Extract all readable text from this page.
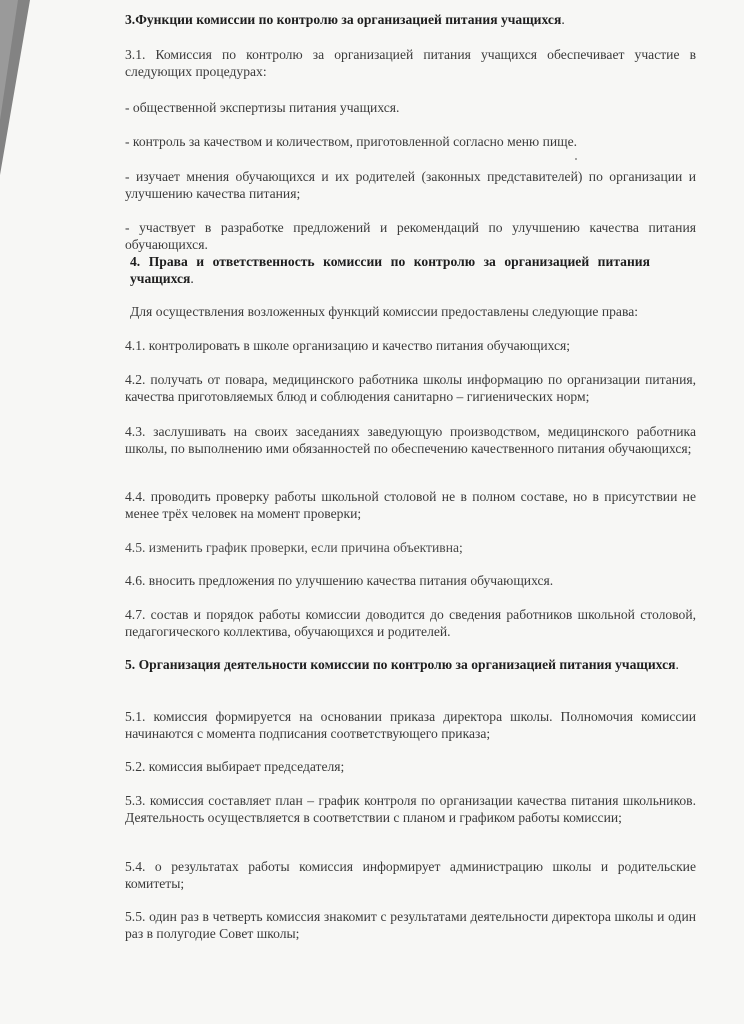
3.Функции комиссии по контролю за организацией питания учащихся.

3.1. Комиссия по контролю за организацией питания учащихся обеспечивает участие в следующих процедурах:

- общественной экспертизы питания учащихся.

- контроль за качеством и количеством, приготовленной согласно меню пище.

- изучает мнения обучающихся и их родителей (законных представителей) по организации и улучшению качества питания;

- участвует в разработке предложений и рекомендаций по улучшению качества питания обучающихся.

4. Права и ответственность комиссии по контролю за организацией питания учащихся.

Для осуществления возложенных функций комиссии предоставлены следующие права:

4.1. контролировать в школе организацию и качество питания обучающихся;

4.2. получать от повара, медицинского работника школы информацию по организации питания, качества приготовляемых блюд и соблюдения санитарно – гигиенических норм;

4.3. заслушивать на своих заседаниях заведующую производством, медицинского работника школы, по выполнению ими обязанностей по обеспечению качественного питания обучающихся;

4.4. проводить проверку работы школьной столовой не в полном составе, но в присутствии не менее трёх человек на момент проверки;

4.5. изменить график проверки, если причина объективна;

4.6. вносить предложения по улучшению качества питания обучающихся.

4.7. состав и порядок работы комиссии доводится до сведения работников школьной столовой, педагогического коллектива, обучающихся и родителей.

5. Организация деятельности комиссии по контролю за организацией питания учащихся.

5.1. комиссия формируется на основании приказа директора школы. Полномочия комиссии начинаются с момента подписания соответствующего приказа;

5.2. комиссия выбирает председателя;

5.3. комиссия составляет план – график контроля по организации качества питания школьников. Деятельность осуществляется в соответствии с планом и графиком работы комиссии;

5.4. о результатах работы комиссия информирует администрацию школы и родительские комитеты;

5.5. один раз в четверть комиссия знакомит с результатами деятельности директора школы и один раз в полугодие Совет школы;
